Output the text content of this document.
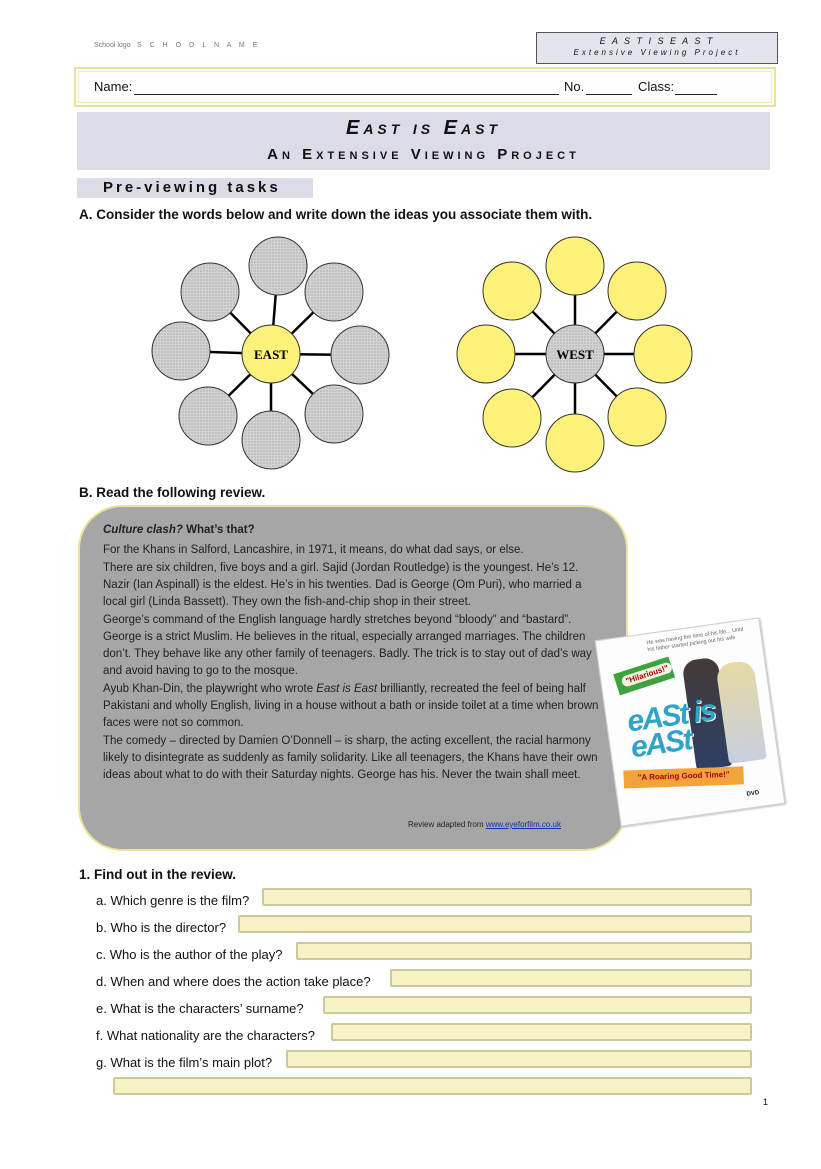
School logo S C H O O L N A M E	E A S T I S E A S T
Extensive Viewing Project
Name:	No.	Class:
East is East
An Extensive Viewing Project
Pre-viewing tasks
A. Consider the words below and write down the ideas you associate them with.
EAST	WEST
B. Read the following review.

Culture clash? What’s that?

For the Khans in Salford, Lancashire, in 1971, it means, do what dad says, or else.

There are six children, five boys and a girl. Sajid (Jordan Routledge) is the youngest. He’s 12. Nazir (Ian Aspinall) is the eldest. He’s in his twenties. Dad is George (Om Puri), who married a local girl (Linda Bassett). They own the fish-and-chip shop in their street.

George’s command of the English language hardly stretches beyond “bloody” and “bastard”. George is a strict Muslim. He believes in the ritual, especially arranged marriages. The children don’t. They behave like any other family of teenagers. Badly. The trick is to stay out of dad’s way and avoid having to go to the mosque.

Ayub Khan-Din, the playwright who wrote East is East brilliantly, recreated the feel of being half Pakistani and wholly English, living in a house without a bath or inside toilet at a time when brown faces were not so common.

The comedy – directed by Damien O’Donnell – is sharp, the acting excellent, the racial harmony likely to disintegrate as suddenly as family solidarity. Like all teenagers, the Khans have their own ideas about what to do with their Saturday nights. George has his. Never the twain shall meet.

Review adapted from www.eyeforfilm.co.uk
He was having the time of his life... Until his father started picking out his wife
"Hilarious!"
eASt is eASt
"A Roaring Good Time!"
DVD
1. Find out in the review.
a. Which genre is the film?
b. Who is the director?
c. Who is the author of the play?
d. When and where does the action take place?
e. What is the characters’ surname?
f. What nationality are the characters?
g. What is the film’s main plot?
1
